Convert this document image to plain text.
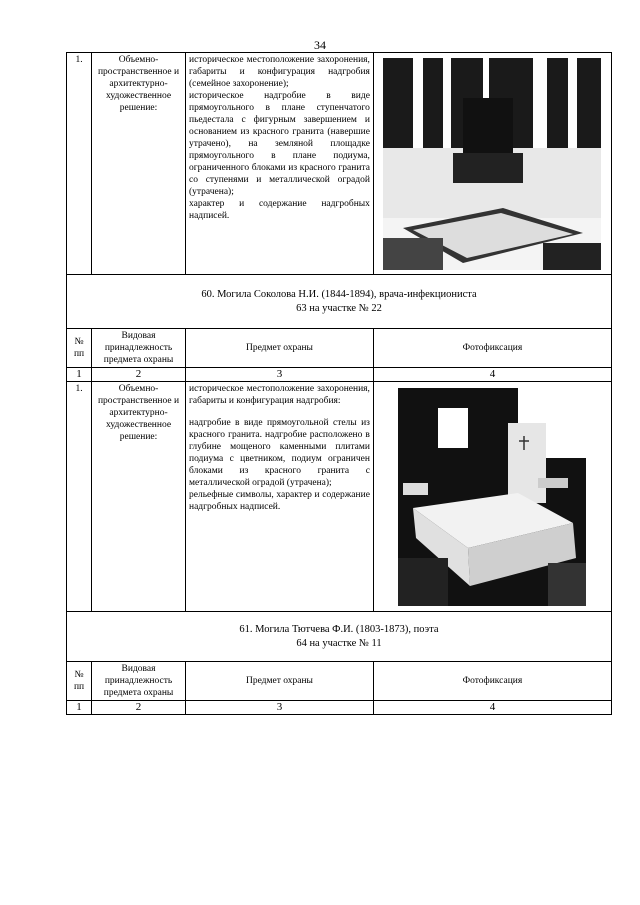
34
1.	Объемно-пространственное и архитектурно-художественное решение:	историческое местоположение захоронения, габариты и конфигурация надгробия (семейное захоронение);

историческое надгробие в виде прямоугольного в плане ступенчатого пьедестала с фигурным завершением и основанием из красного гранита (навершие утрачено), на земляной площадке прямоугольного в плане подиума, ограниченного блоками из красного гранита со ступенями и металлической оградой (утрачена);

характер и содержание надгробных надписей.

60. Могила Соколова Н.И. (1844-1894), врача-инфекциониста
63 на участке № 22			

№ пп	Видовая принадлежность предмета охраны	Предмет охраны	Фотофиксация
1	2	3	4
1.	Объемно-пространственное и архитектурно-художественное решение:	историческое местоположение захоронения, габариты и конфигурация надгробия:

надгробие в виде прямоугольной стелы из красного гранита. надгробие расположено в глубине мощеного каменными плитами подиума с цветником, подиум ограничен блоками из красного гранита с металлической оградой (утрачена);

рельефные символы, характер и содержание надгробных надписей.

61. Могила Тютчева Ф.И. (1803-1873), поэта
64 на участке № 11			

№ пп	Видовая принадлежность предмета охраны	Предмет охраны	Фотофиксация
1	2	3	4
